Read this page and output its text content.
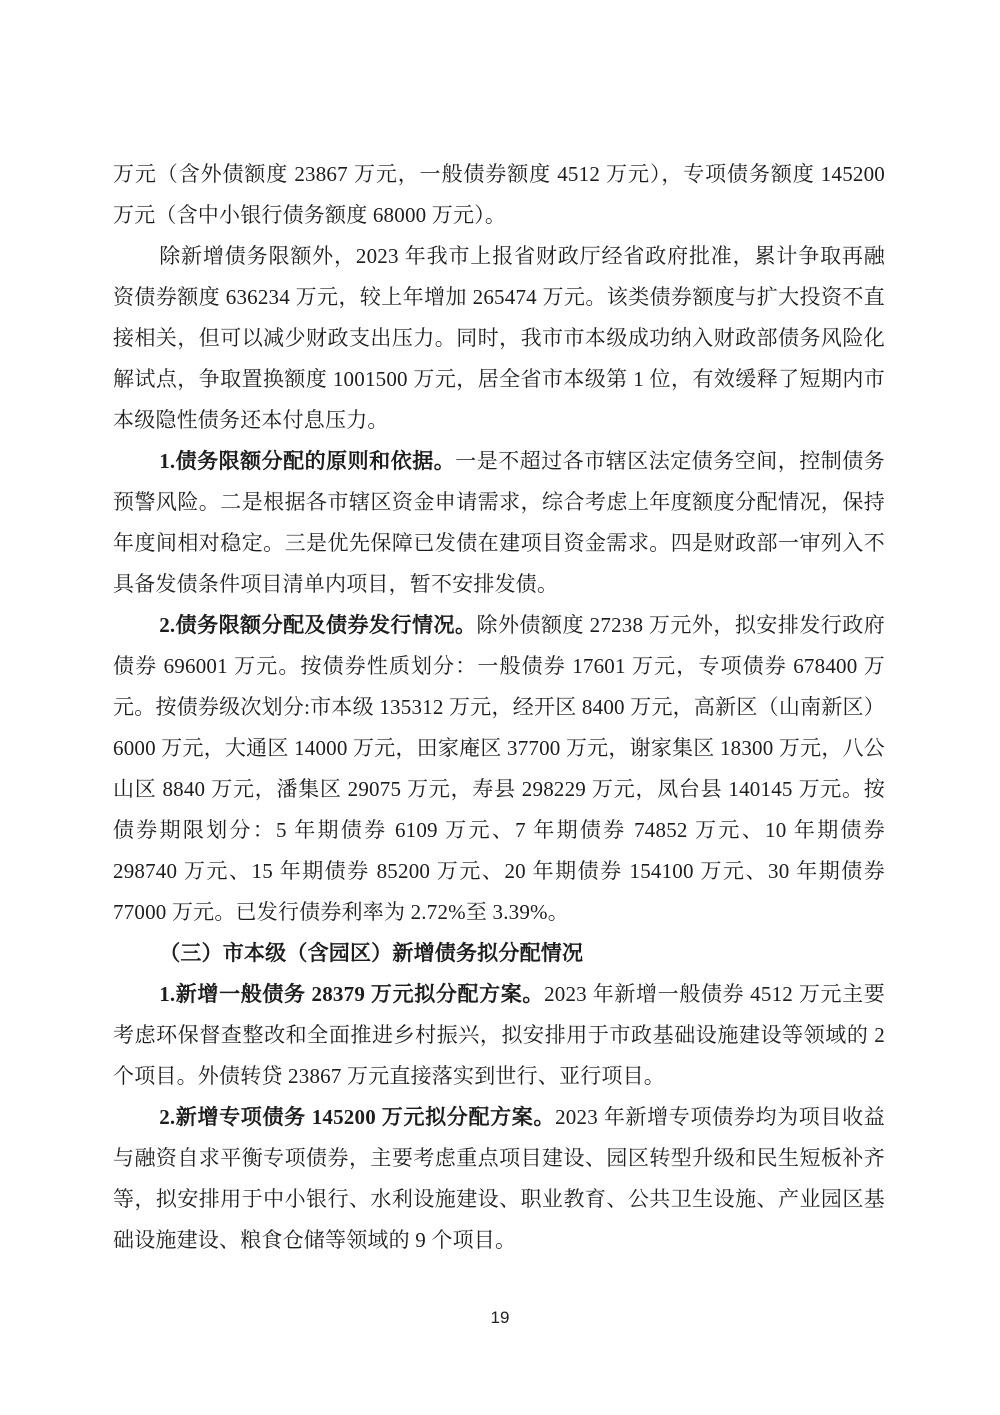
万元（含外债额度 23867 万元，一般债券额度 4512 万元），专项债务额度 145200 万元（含中小银行债务额度 68000 万元）。

除新增债务限额外，2023 年我市上报省财政厅经省政府批准，累计争取再融资债券额度 636234 万元，较上年增加 265474 万元。该类债券额度与扩大投资不直接相关，但可以减少财政支出压力。同时，我市市本级成功纳入财政部债务风险化解试点，争取置换额度 1001500 万元，居全省市本级第 1 位，有效缓释了短期内市本级隐性债务还本付息压力。

1.债务限额分配的原则和依据。一是不超过各市辖区法定债务空间，控制债务预警风险。二是根据各市辖区资金申请需求，综合考虑上年度额度分配情况，保持年度间相对稳定。三是优先保障已发债在建项目资金需求。四是财政部一审列入不具备发债条件项目清单内项目，暂不安排发债。

2.债务限额分配及债券发行情况。除外债额度 27238 万元外，拟安排发行政府债券 696001 万元。按债券性质划分：一般债券 17601 万元，专项债券 678400 万元。按债券级次划分:市本级 135312 万元，经开区 8400 万元，高新区（山南新区）6000 万元，大通区 14000 万元，田家庵区 37700 万元，谢家集区 18300 万元，八公山区 8840 万元，潘集区 29075 万元，寿县 298229 万元，凤台县 140145 万元。按债券期限划分：5 年期债券 6109 万元、7 年期债券 74852 万元、10 年期债券 298740 万元、15 年期债券 85200 万元、20 年期债券 154100 万元、30 年期债券 77000 万元。已发行债券利率为 2.72%至 3.39%。

（三）市本级（含园区）新增债务拟分配情况

1.新增一般债务 28379 万元拟分配方案。2023 年新增一般债券 4512 万元主要考虑环保督查整改和全面推进乡村振兴，拟安排用于市政基础设施建设等领域的 2 个项目。外债转贷 23867 万元直接落实到世行、亚行项目。

2.新增专项债务 145200 万元拟分配方案。2023 年新增专项债券均为项目收益与融资自求平衡专项债券，主要考虑重点项目建设、园区转型升级和民生短板补齐等，拟安排用于中小银行、水利设施建设、职业教育、公共卫生设施、产业园区基础设施建设、粮食仓储等领域的 9 个项目。

19
